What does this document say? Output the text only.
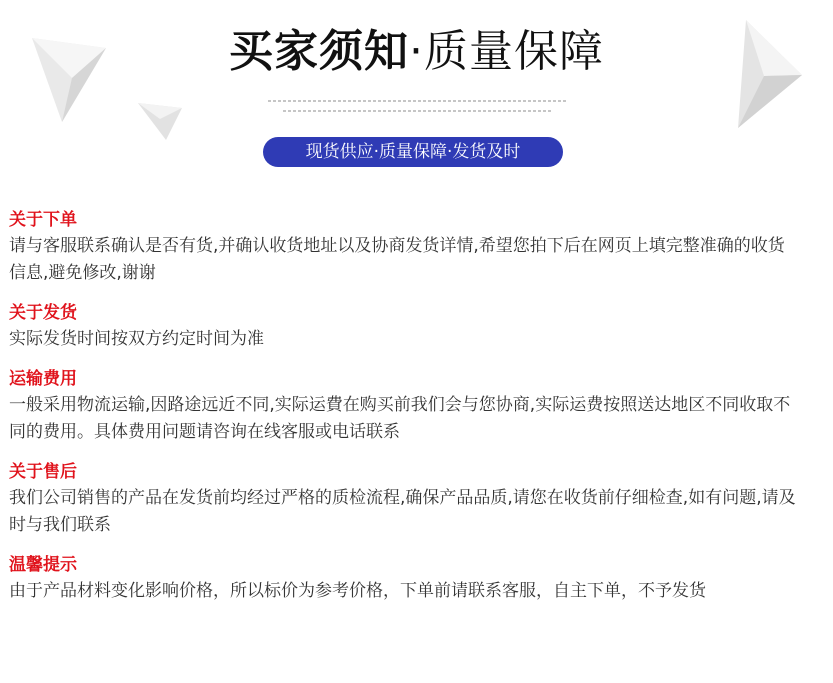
买家须知·质量保障
现货供应·质量保障·发货及时
关于下单
请与客服联系确认是否有货,并确认收货地址以及协商发货详情,希望您拍下后在网页上填完整准确的收货信息,避免修改,谢谢
关于发货
实际发货时间按双方约定时间为准
运输费用
一般采用物流运输,因路途远近不同,实际运費在购买前我们会与您协商,实际运费按照送达地区不同收取不同的费用。具体费用问题请咨询在线客服或电话联系
关于售后
我们公司销售的产品在发货前均经过严格的质检流程,确保产品品质,请您在收货前仔细检查,如有问题,请及时与我们联系
温馨提示
由于产品材料变化影响价格，所以标价为参考价格，下单前请联系客服，自主下单，不予发货
